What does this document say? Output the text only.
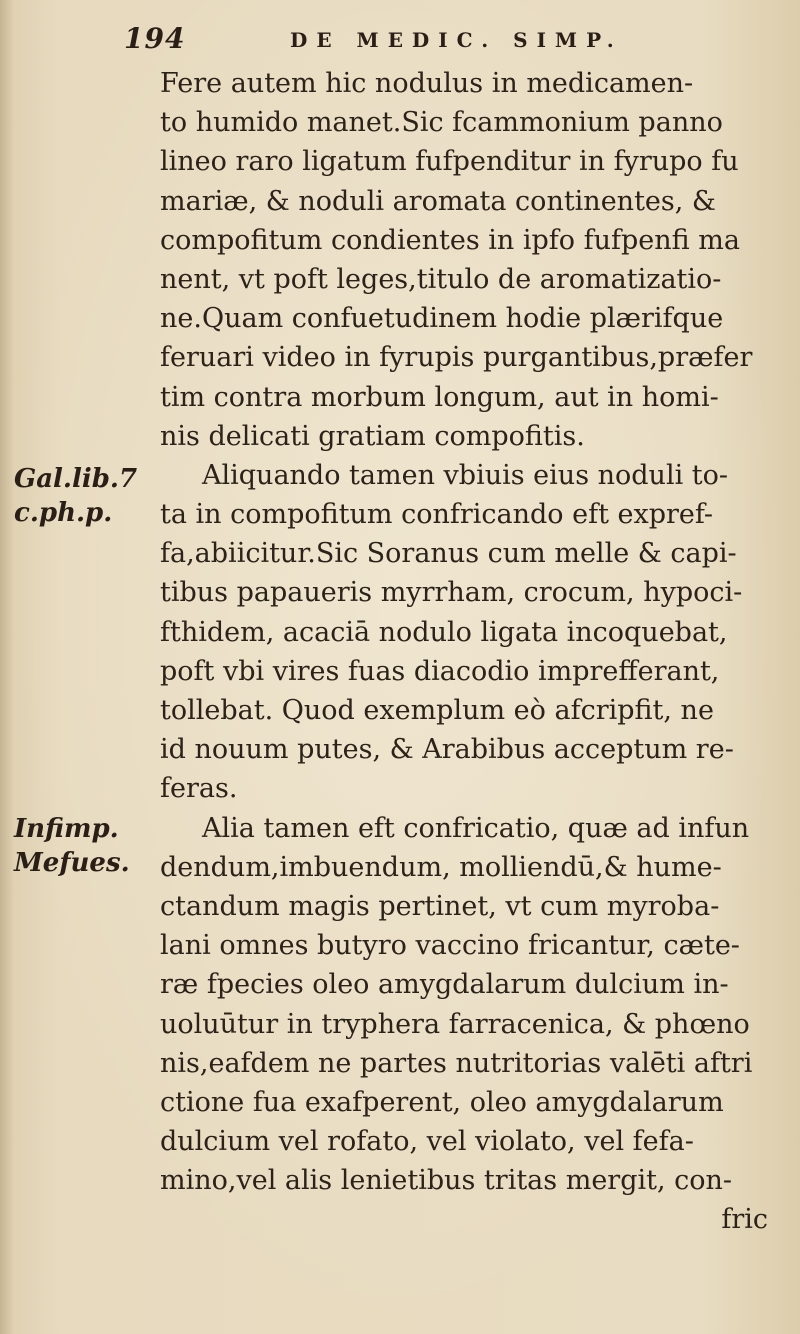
194	DE MEDIC. SIMP.
Gal.lib.7
c.ph.p.
Infimp.
Mefues.
Fere autem hic nodulus in medicamen-
to humido manet.Sic fcammonium panno
lineo raro ligatum fufpenditur in fyrupo fu
mariæ, & noduli aromata continentes, &
compofitum condientes in ipfo fufpenfi ma
nent, vt poft leges,titulo de aromatizatio-
ne.Quam confuetudinem hodie plærifque
feruari video in fyrupis purgantibus,præfer
tim contra morbum longum, aut in homi-
nis delicati gratiam compofitis.
Aliquando tamen vbiuis eius noduli to-
ta in compofitum confricando eft expref-
fa,abiicitur.Sic Soranus cum melle & capi-
tibus papaueris myrrham, crocum, hypoci-
fthidem, acaciā nodulo ligata incoquebat,
poft vbi vires fuas diacodio imprefferant,
tollebat. Quod exemplum eò afcripfit, ne
id nouum putes, & Arabibus acceptum re-
feras.
Alia tamen eft confricatio, quæ ad infun
dendum,imbuendum, molliendū,& hume-
ctandum magis pertinet, vt cum myroba-
lani omnes butyro vaccino fricantur, cæte-
ræ fpecies oleo amygdalarum dulcium in-
uoluūtur in tryphera farracenica, & phœno
nis,eafdem ne partes nutritorias valēti aftri
ctione fua exafperent, oleo amygdalarum
dulcium vel rofato, vel violato, vel fefa-
mino,vel alis lenietibus tritas mergit, con-
fric
